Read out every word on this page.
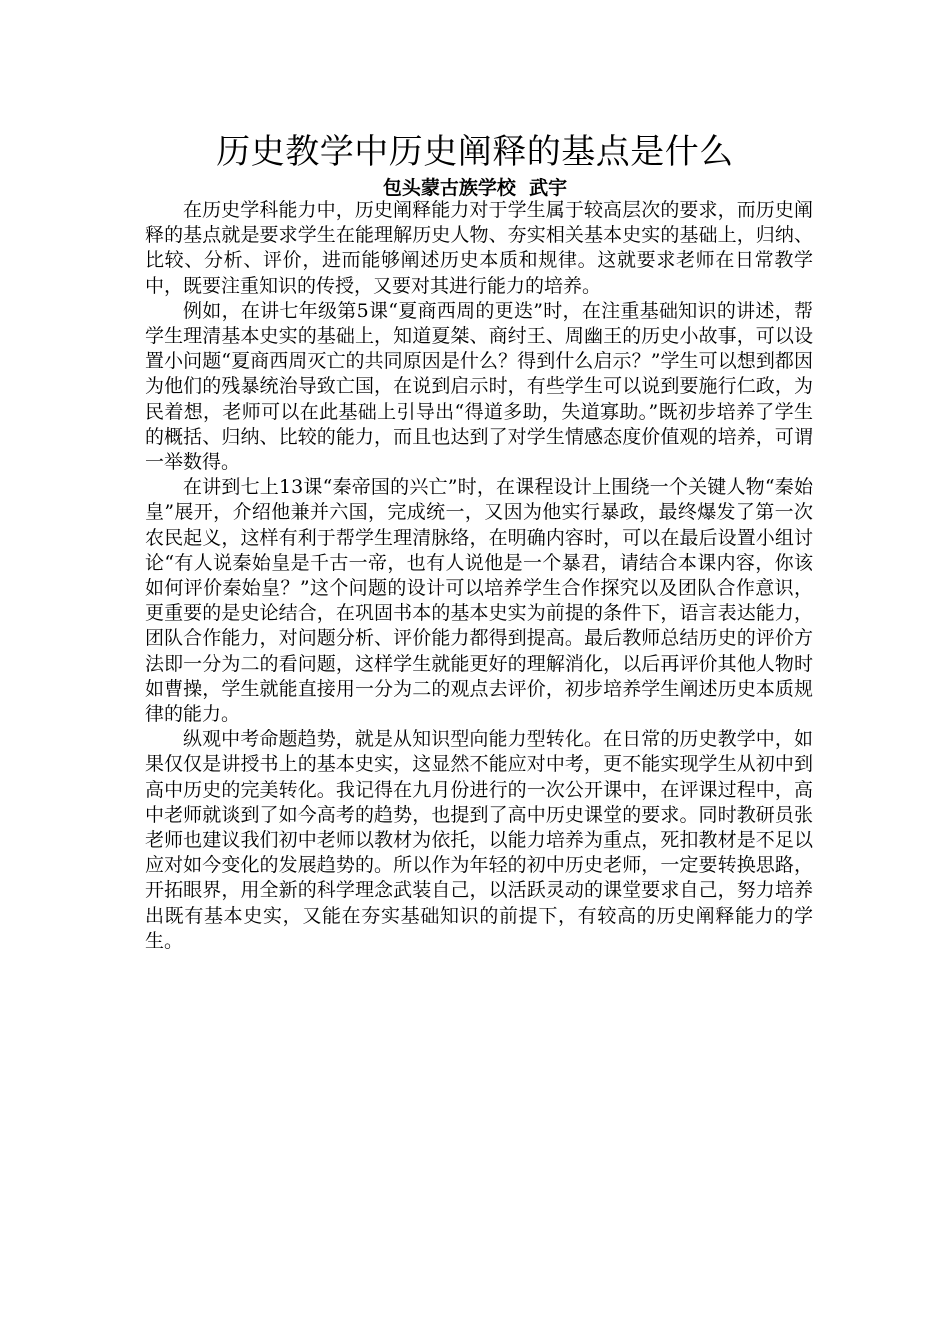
历史教学中历史阐释的基点是什么
包头蒙古族学校  武宇

在历史学科能力中，历史阐释能力对于学生属于较高层次的要求，而历史阐释的基点就是要求学生在能理解历史人物、夯实相关基本史实的基础上，归纳、比较、分析、评价，进而能够阐述历史本质和规律。这就要求老师在日常教学中，既要注重知识的传授，又要对其进行能力的培养。

例如，在讲七年级第5课“夏商西周的更迭”时，在注重基础知识的讲述，帮学生理清基本史实的基础上，知道夏桀、商纣王、周幽王的历史小故事，可以设置小问题“夏商西周灭亡的共同原因是什么？得到什么启示？”学生可以想到都因为他们的残暴统治导致亡国，在说到启示时，有些学生可以说到要施行仁政，为民着想，老师可以在此基础上引导出“得道多助，失道寡助。”既初步培养了学生的概括、归纳、比较的能力，而且也达到了对学生情感态度价值观的培养，可谓一举数得。

在讲到七上13课“秦帝国的兴亡”时，在课程设计上围绕一个关键人物“秦始皇”展开，介绍他兼并六国，完成统一，又因为他实行暴政，最终爆发了第一次农民起义，这样有利于帮学生理清脉络，在明确内容时，可以在最后设置小组讨论“有人说秦始皇是千古一帝，也有人说他是一个暴君，请结合本课内容，你该如何评价秦始皇？”这个问题的设计可以培养学生合作探究以及团队合作意识，更重要的是史论结合，在巩固书本的基本史实为前提的条件下，语言表达能力，团队合作能力，对问题分析、评价能力都得到提高。最后教师总结历史的评价方法即一分为二的看问题，这样学生就能更好的理解消化，以后再评价其他人物时如曹操，学生就能直接用一分为二的观点去评价，初步培养学生阐述历史本质规律的能力。

纵观中考命题趋势，就是从知识型向能力型转化。在日常的历史教学中，如果仅仅是讲授书上的基本史实，这显然不能应对中考，更不能实现学生从初中到高中历史的完美转化。我记得在九月份进行的一次公开课中，在评课过程中，高中老师就谈到了如今高考的趋势，也提到了高中历史课堂的要求。同时教研员张老师也建议我们初中老师以教材为依托，以能力培养为重点，死扣教材是不足以应对如今变化的发展趋势的。所以作为年轻的初中历史老师，一定要转换思路，开拓眼界，用全新的科学理念武装自己，以活跃灵动的课堂要求自己，努力培养出既有基本史实，又能在夯实基础知识的前提下，有较高的历史阐释能力的学生。
